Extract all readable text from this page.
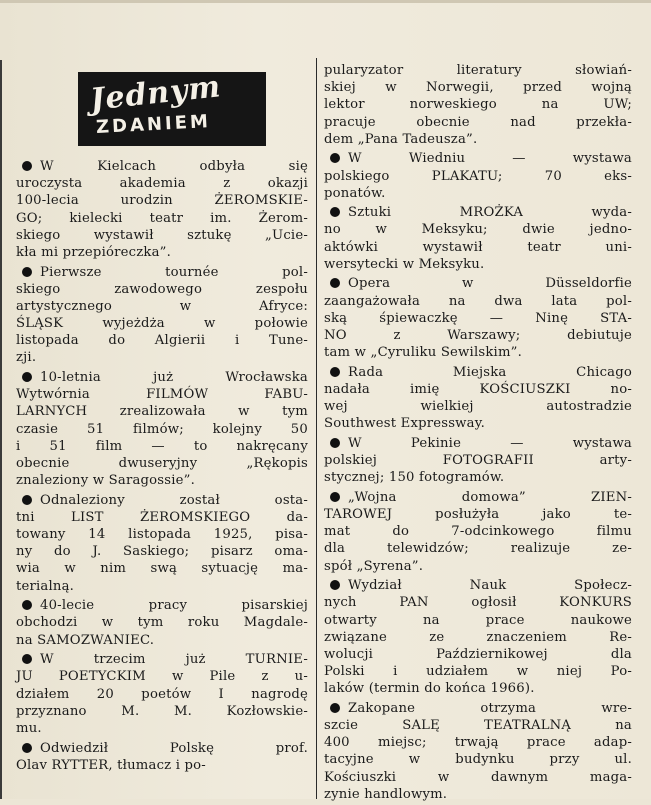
Jednym
ZDANIEM
W Kielcach odbyła się
uroczysta akademia z okazji
100-lecia urodzin ŻEROMSKIE-
GO; kielecki teatr im. Żerom-
skiego wystawił sztukę „Ucie-
kła mi przepióreczka”.
Pierwsze tournée pol-
skiego zawodowego zespołu
artystycznego w Afryce:
ŚLĄSK wyjeżdża w połowie
listopada do Algierii i Tune-
zji.
10-letnia już Wrocławska
Wytwórnia FILMÓW FABU-
LARNYCH zrealizowała w tym
czasie 51 filmów; kolejny 50
i 51 film — to nakręcany
obecnie dwuseryjny „Rękopis
znaleziony w Saragossie”.
Odnaleziony został osta-
tni LIST ŻEROMSKIEGO da-
towany 14 listopada 1925, pisa-
ny do J. Saskiego; pisarz oma-
wia w nim swą sytuację ma-
terialną.
40-lecie pracy pisarskiej
obchodzi w tym roku Magdale-
na SAMOZWANIEC.
W trzecim już TURNIE-
JU POETYCKIM w Pile z u-
działem 20 poetów I nagrodę
przyznano M. M. Kozłowskie-
mu.
Odwiedził Polskę prof.
Olav RYTTER, tłumacz i po-
pularyzator literatury słowiań-
skiej w Norwegii, przed wojną
lektor norweskiego na UW;
pracuje obecnie nad przekła-
dem „Pana Tadeusza”.
W Wiedniu — wystawa
polskiego PLAKATU; 70 eks-
ponatów.
Sztuki MROŻKA wyda-
no w Meksyku; dwie jedno-
aktówki wystawił teatr uni-
wersytecki w Meksyku.
Opera w Düsseldorfie
zaangażowała na dwa lata pol-
ską śpiewaczkę — Ninę STA-
NO z Warszawy; debiutuje
tam w „Cyruliku Sewilskim”.
Rada Miejska Chicago
nadała imię KOŚCIUSZKI no-
wej wielkiej autostradzie
Southwest Expressway.
W Pekinie — wystawa
polskiej FOTOGRAFII arty-
stycznej; 150 fotogramów.
„Wojna domowa” ZIEN-
TAROWEJ posłużyła jako te-
mat do 7-odcinkowego filmu
dla telewidzów; realizuje ze-
spół „Syrena”.
Wydział Nauk Społecz-
nych PAN ogłosił KONKURS
otwarty na prace naukowe
związane ze znaczeniem Re-
wolucji Październikowej dla
Polski i udziałem w niej Po-
laków (termin do końca 1966).
Zakopane otrzyma wre-
szcie SALĘ TEATRALNĄ na
400 miejsc; trwają prace adap-
tacyjne w budynku przy ul.
Kościuszki w dawnym maga-
zynie handlowym.
